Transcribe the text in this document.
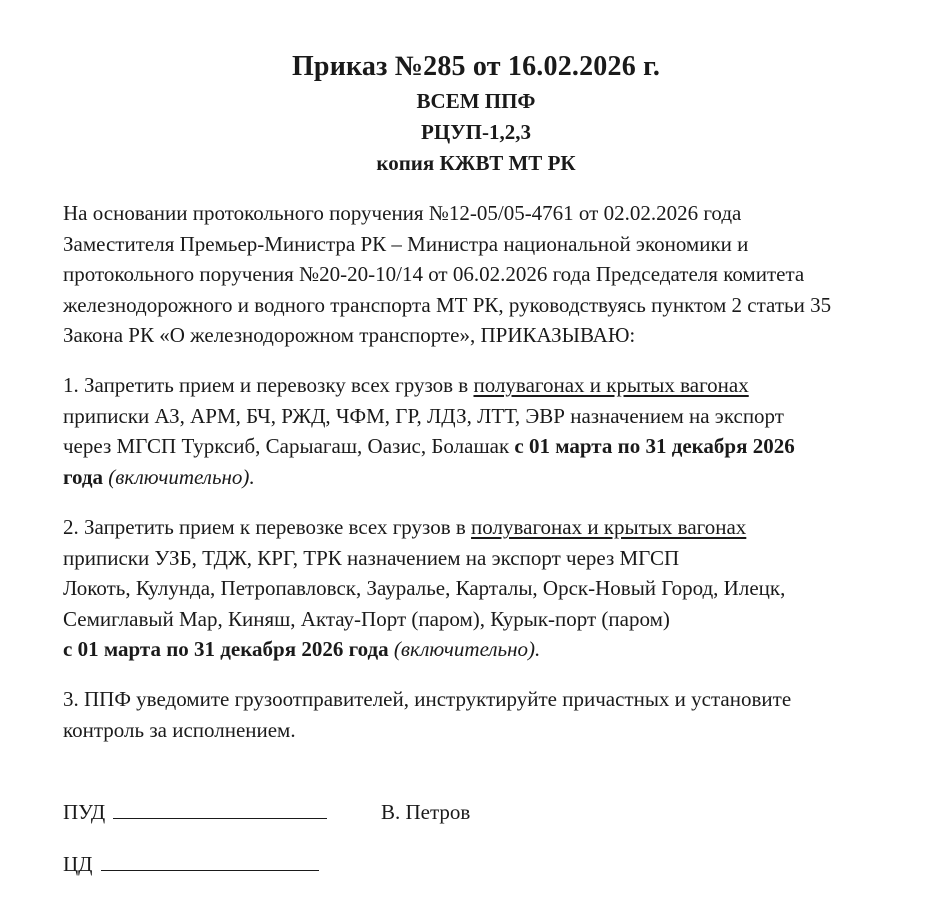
Приказ №285 от 16.02.2026 г.
ВСЕМ ППФ
РЦУП-1,2,3
копия КЖВТ МТ РК
На основании протокольного поручения №12-05/05-4761 от 02.02.2026 года
Заместителя Премьер-Министра РК – Министра национальной экономики и
протокольного поручения №20-20-10/14 от 06.02.2026 года Председателя комитета
железнодорожного и водного транспорта МТ РК, руководствуясь пунктом 2 статьи 35
Закона РК «О железнодорожном транспорте», ПРИКАЗЫВАЮ:
1. Запретить прием и перевозку всех грузов в полувагонах и крытых вагонах
приписки АЗ, АРМ, БЧ, РЖД, ЧФМ, ГР, ЛДЗ, ЛТТ, ЭВР назначением на экспорт
через МГСП Турксиб, Сарыагаш, Оазис, Болашак с 01 марта по 31 декабря 2026
года (включительно).
2. Запретить прием к перевозке всех грузов в полувагонах и крытых вагонах
приписки УЗБ, ТДЖ, КРГ, ТРК назначением на экспорт через МГСП
Локоть, Кулунда, Петропавловск, Зауралье, Карталы, Орск-Новый Город, Илецк,
Семиглавый Мар, Киняш, Актау-Порт (паром), Курык-порт (паром)
с 01 марта по 31 декабря 2026 года (включительно).
3. ППФ уведомите грузоотправителей, инструктируйте причастных и установите
контроль за исполнением.
ПУД	В. Петров
ЦД
